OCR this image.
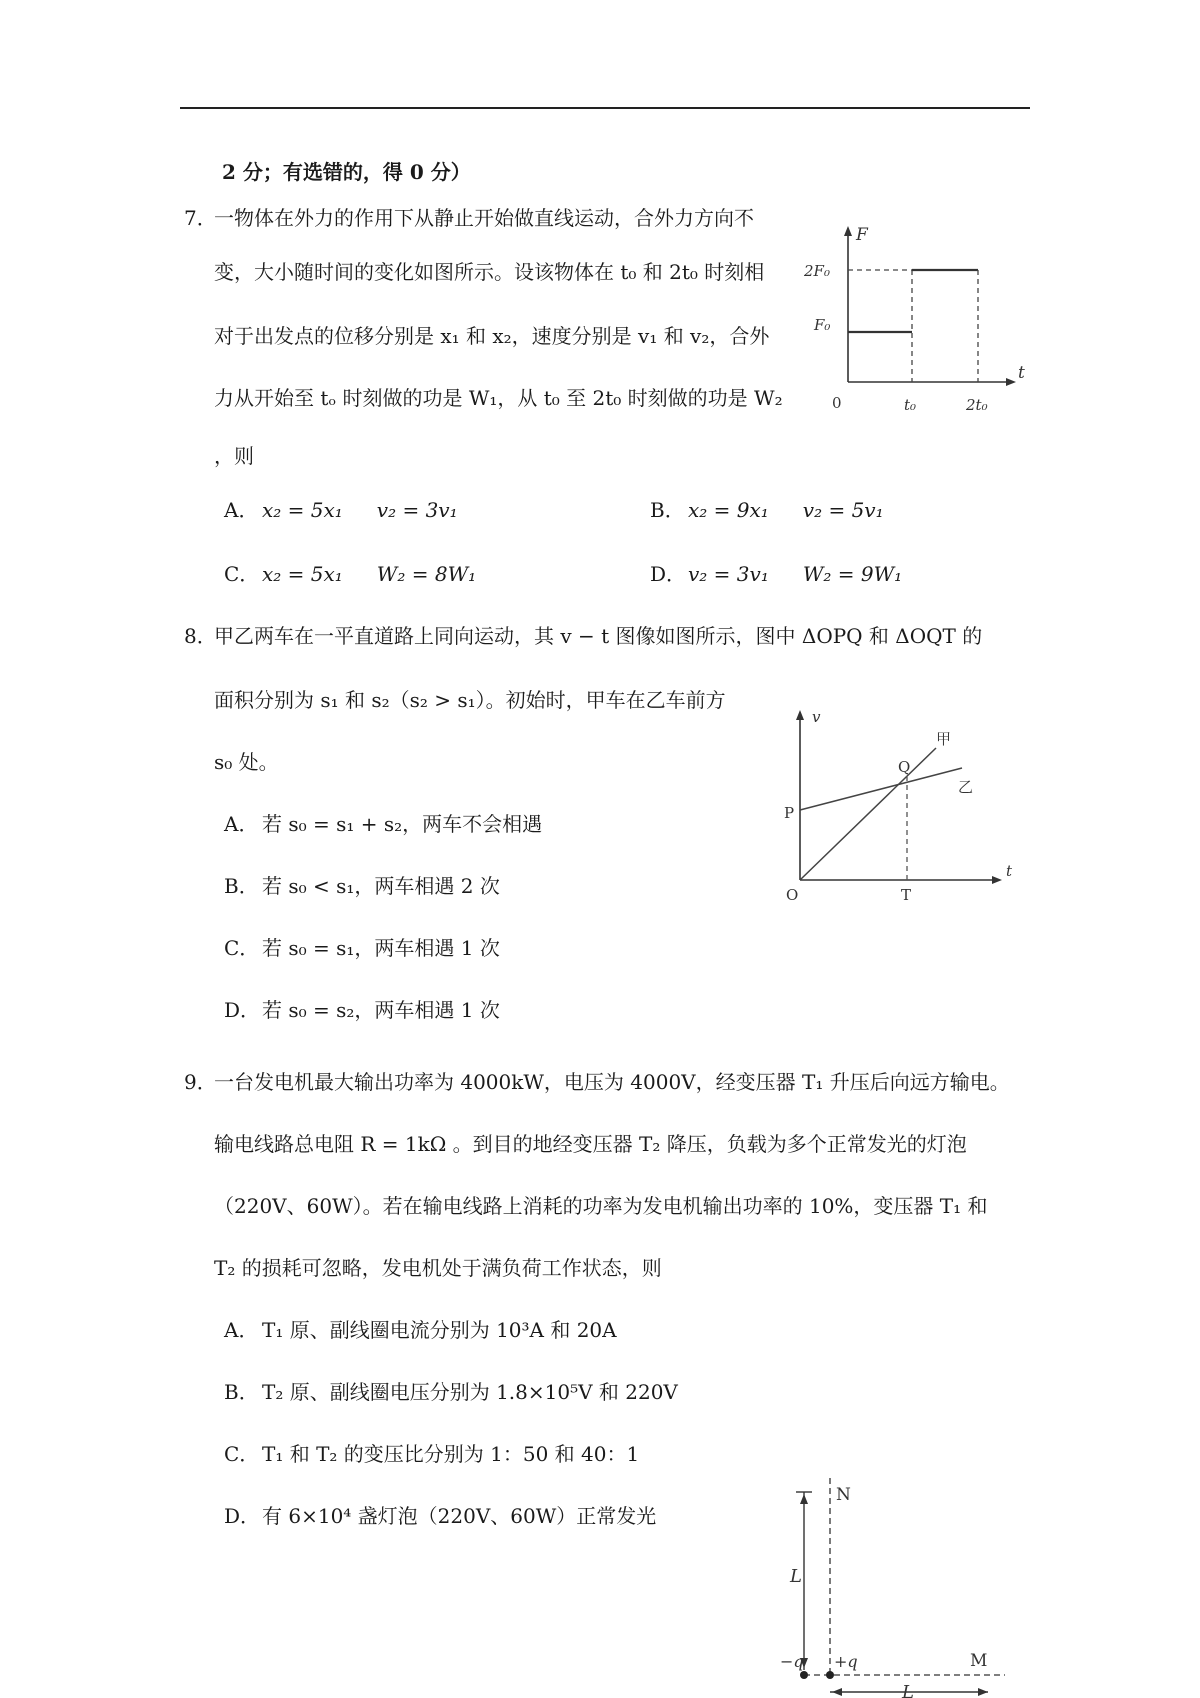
2 分；有选错的，得 0 分）
7．一物体在外力的作用下从静止开始做直线运动，合外力方向不
变，大小随时间的变化如图所示。设该物体在 t₀ 和 2t₀ 时刻相
对于出发点的位移分别是 x₁ 和 x₂，速度分别是 v₁ 和 v₂，合外
力从开始至 tₒ 时刻做的功是 W₁，从 t₀ 至 2t₀ 时刻做的功是 W₂
，则
A． x₂ = 5x₁ v₂ = 3v₁	B． x₂ = 9x₁ v₂ = 5v₁
C． x₂ = 5x₁ W₂ = 8W₁	D．v₂ = 3v₁ W₂ = 9W₁
F
t
0
2F₀
F₀
t₀	2t₀
8．甲乙两车在一平直道路上同向运动，其 v − t 图像如图所示，图中 ΔOPQ 和 ΔOQT 的
面积分别为 s₁ 和 s₂（s₂ > s₁）。初始时，甲车在乙车前方
s₀ 处。
A． 若 s₀ = s₁ + s₂，两车不会相遇
B． 若 s₀ < s₁，两车相遇 2 次
C． 若 s₀ = s₁，两车相遇 1 次
D．若 s₀ = s₂，两车相遇 1 次
v
t
O
P
Q
T
甲
乙
9．一台发电机最大输出功率为 4000kW，电压为 4000V，经变压器 T₁ 升压后向远方输电。
输电线路总电阻 R = 1kΩ 。到目的地经变压器 T₂ 降压，负载为多个正常发光的灯泡
（220V、60W）。若在输电线路上消耗的功率为发电机输出功率的 10%，变压器 T₁ 和
T₂ 的损耗可忽略，发电机处于满负荷工作状态，则
A． T₁ 原、副线圈电流分别为 10³A 和 20A
B． T₂ 原、副线圈电压分别为 1.8×10⁵V 和 220V
C． T₁ 和 T₂ 的变压比分别为 1：50 和 40：1
D．有 6×10⁴ 盏灯泡（220V、60W）正常发光
N
M
L
L
−q +q
